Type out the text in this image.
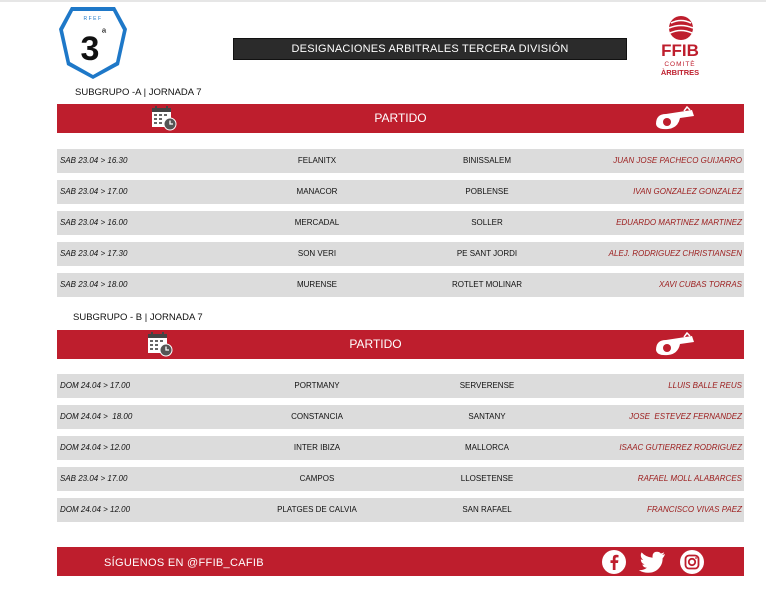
RFEF
3 ª
DESIGNACIONES ARBITRALES TERCERA DIVISIÓN	FFIB
COMITÈ
ÀRBITRES
SUBGRUPO -A | JORNADA 7
PARTIDO
SAB 23.04 > 16.30	FELANITX	BINISSALEM	JUAN JOSE PACHECO GUIJARRO
SAB 23.04 > 17.00	MANACOR	POBLENSE	IVAN GONZALEZ GONZALEZ
SAB 23.04 > 16.00	MERCADAL	SOLLER	EDUARDO MARTINEZ MARTINEZ
SAB 23.04 > 17.30	SON VERI	PE SANT JORDI	ALEJ. RODRIGUEZ CHRISTIANSEN
SAB 23.04 > 18.00	MURENSE	ROTLET MOLINAR	XAVI CUBAS TORRAS
SUBGRUPO - B | JORNADA 7
PARTIDO
DOM 24.04 > 17.00	PORTMANY	SERVERENSE	LLUIS BALLE REUS
DOM 24.04 >  18.00	CONSTANCIA	SANTANY	JOSE  ESTEVEZ FERNANDEZ
DOM 24.04 > 12.00	INTER IBIZA	MALLORCA	ISAAC GUTIERREZ RODRIGUEZ
SAB 23.04 > 17.00	CAMPOS	LLOSETENSE	RAFAEL MOLL ALABARCES
DOM 24.04 > 12.00	PLATGES DE CALVIA	SAN RAFAEL	FRANCISCO VIVAS PAEZ
SÍGUENOS EN @FFIB_CAFIB
